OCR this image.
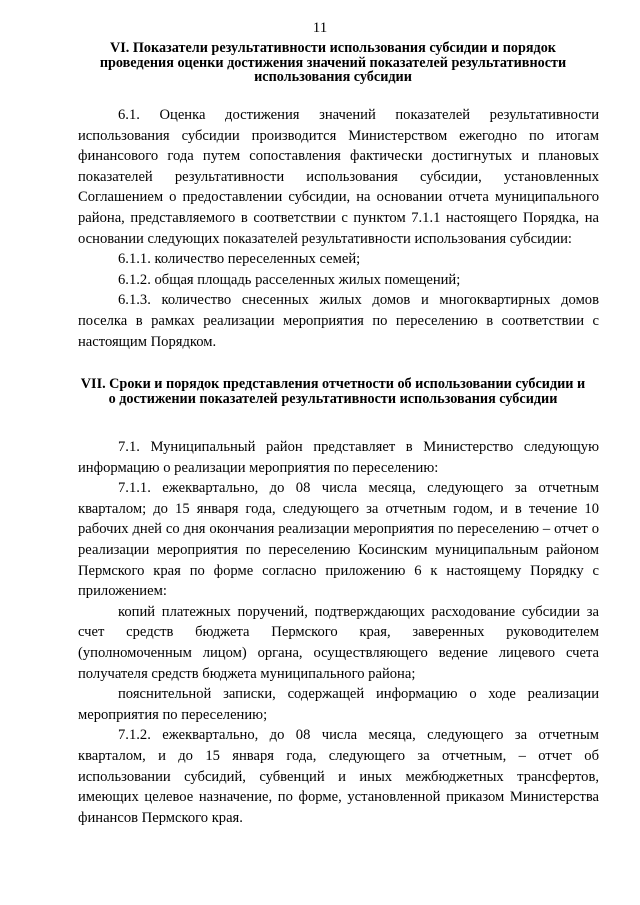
11
VI. Показатели результативности использования субсидии и порядок проведения оценки достижения значений показателей результативности использования субсидии

6.1. Оценка достижения значений показателей результативности использования субсидии производится Министерством ежегодно по итогам финансового года путем сопоставления фактически достигнутых и плановых показателей результативности использования субсидии, установленных Соглашением о предоставлении субсидии, на основании отчета муниципального района, представляемого в соответствии с пунктом 7.1.1 настоящего Порядка, на основании следующих показателей результативности использования субсидии:

6.1.1. количество переселенных семей;

6.1.2. общая площадь расселенных жилых помещений;

6.1.3. количество снесенных жилых домов и многоквартирных домов поселка в рамках реализации мероприятия по переселению в соответствии с настоящим Порядком.

VII. Сроки и порядок представления отчетности об использовании субсидии и о достижении показателей результативности использования субсидии

7.1. Муниципальный район представляет в Министерство следующую информацию о реализации мероприятия по переселению:

7.1.1. ежеквартально, до 08 числа месяца, следующего за отчетным кварталом; до 15 января года, следующего за отчетным годом, и в течение 10 рабочих дней со дня окончания реализации мероприятия по переселению – отчет о реализации мероприятия по переселению Косинским муниципальным районом Пермского края по форме согласно приложению 6 к настоящему Порядку с приложением:

копий платежных поручений, подтверждающих расходование субсидии за счет средств бюджета Пермского края, заверенных руководителем (уполномоченным лицом) органа, осуществляющего ведение лицевого счета получателя средств бюджета муниципального района;

пояснительной записки, содержащей информацию о ходе реализации мероприятия по переселению;

7.1.2. ежеквартально, до 08 числа месяца, следующего за отчетным кварталом, и до 15 января года, следующего за отчетным, – отчет об использовании субсидий, субвенций и иных межбюджетных трансфертов, имеющих целевое назначение, по форме, установленной приказом Министерства финансов Пермского края.
